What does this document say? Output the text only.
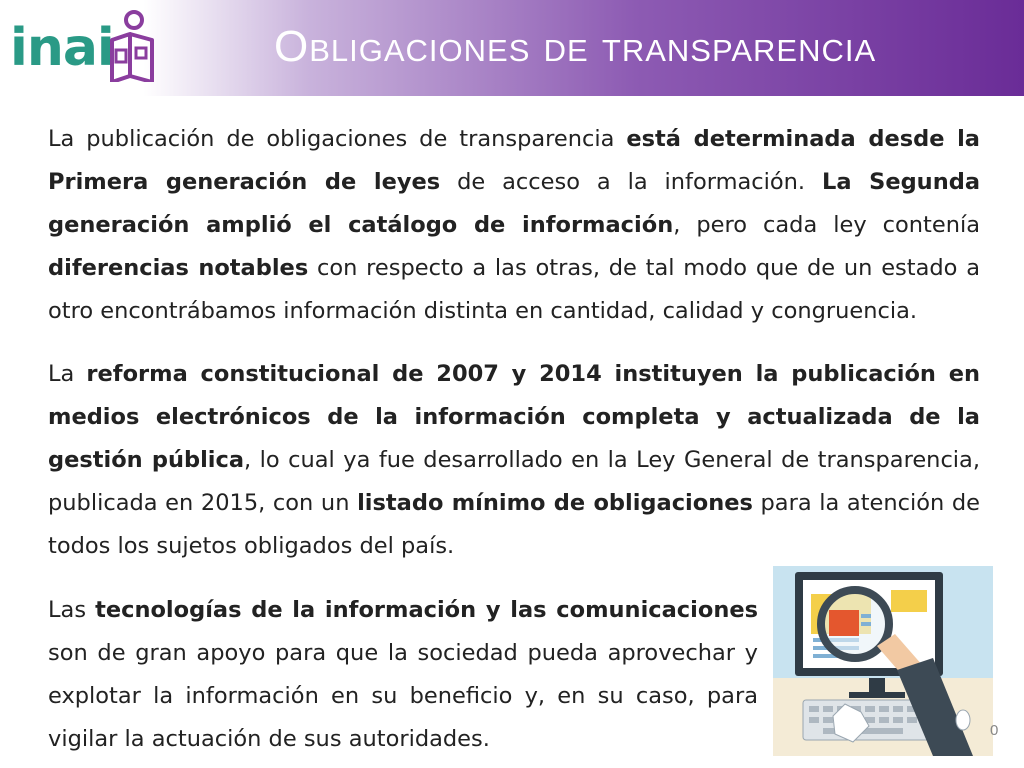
inai	Obligaciones de transparencia
La publicación de obligaciones de transparencia está determinada desde la Primera generación de leyes de acceso a la información. La Segunda generación amplió el catálogo de información, pero cada ley contenía diferencias notables con respecto a las otras, de tal modo que de un estado a otro encontrábamos información distinta en cantidad, calidad y congruencia.
La reforma constitucional de 2007 y 2014 instituyen la publicación en medios electrónicos de la información completa y actualizada de la gestión pública, lo cual ya fue desarrollado en la Ley General de transparencia, publicada en 2015, con un listado mínimo de obligaciones para la atención de todos los sujetos obligados del país.
Las tecnologías de la información y las comunicaciones son de gran apoyo para que la sociedad pueda aprovechar y explotar la información en su beneficio y, en su caso, para vigilar la actuación de sus autoridades.	0
